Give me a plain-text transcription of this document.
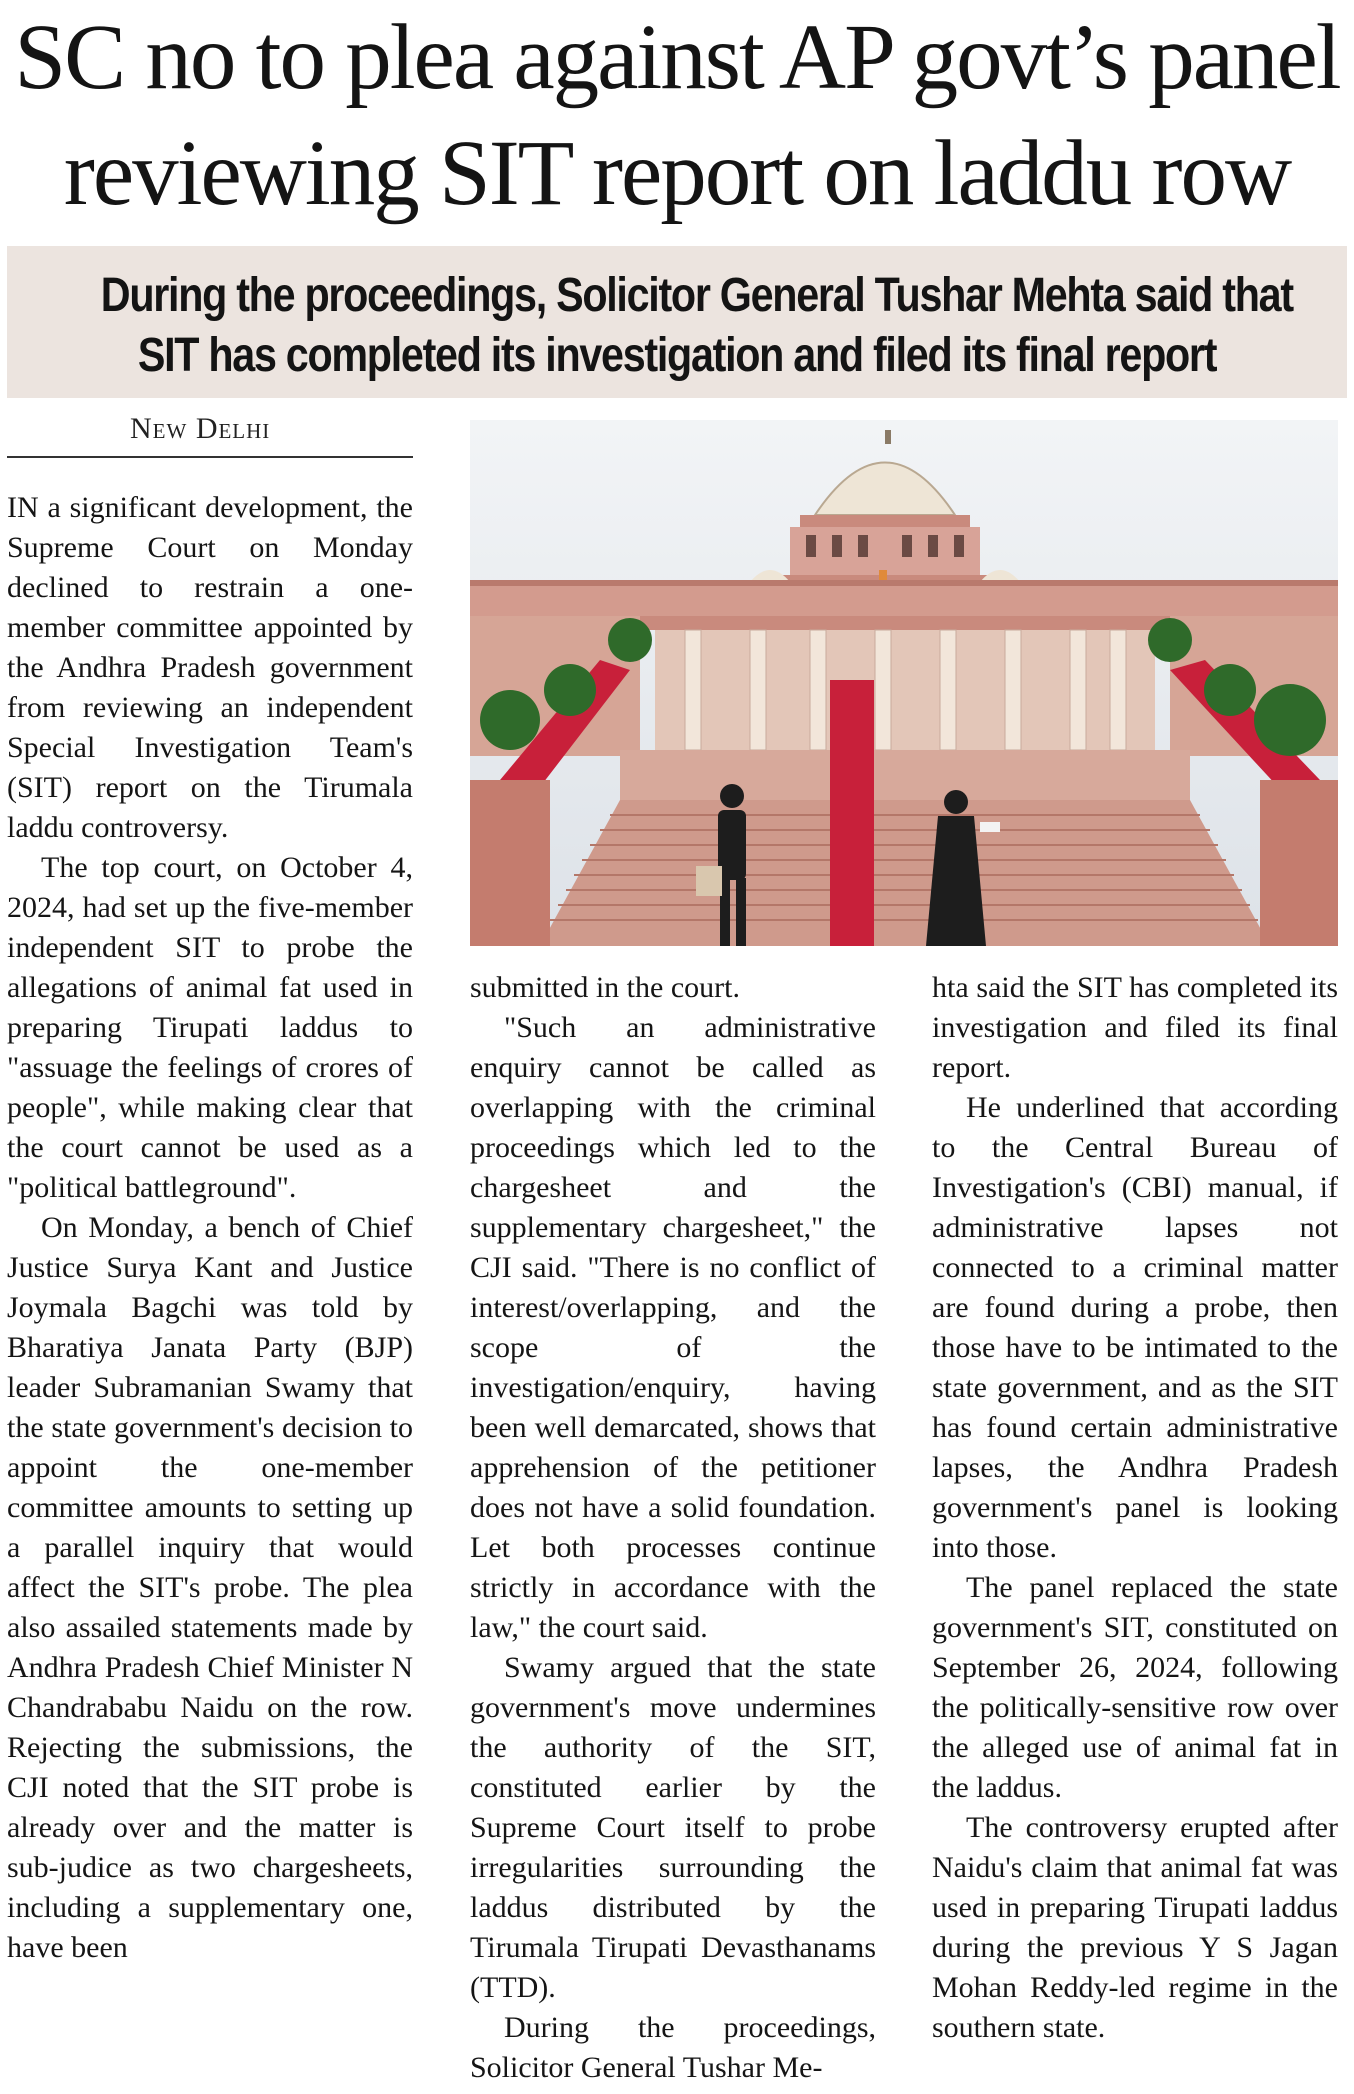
SC no to plea against AP govt’s panel
reviewing SIT report on laddu row
During the proceedings, Solicitor General Tushar Mehta said that
SIT has completed its investigation and filed its final report
New Delhi

IN a significant development, the Supreme Court on Monday declined to restrain a one-member committee appointed by the Andhra Pradesh government from reviewing an independent Special Investigation Team's (SIT) report on the Tirumala laddu controversy.

The top court, on October 4, 2024, had set up the five-member independent SIT to probe the allegations of animal fat used in preparing Tirupati laddus to "assuage the feelings of crores of people", while making clear that the court cannot be used as a "political battleground".

On Monday, a bench of Chief Justice Surya Kant and Justice Joymala Bagchi was told by Bharatiya Janata Party (BJP) leader Subramanian Swamy that the state government's decision to appoint the one-member committee amounts to setting up a parallel inquiry that would affect the SIT's probe. The plea also assailed statements made by Andhra Pradesh Chief Minister N Chandrababu Naidu on the row. Rejecting the submissions, the CJI noted that the SIT probe is already over and the matter is sub-judice as two chargesheets, including a supplementary one, have been

submitted in the court.

"Such an administrative enquiry cannot be called as overlapping with the criminal proceedings which led to the chargesheet and the supplementary chargesheet," the CJI said. "There is no conflict of interest/overlapping, and the scope of the investigation/enquiry, having been well demarcated, shows that apprehension of the petitioner does not have a solid foundation. Let both processes continue strictly in accordance with the law," the court said.

Swamy argued that the state government's move undermines the authority of the SIT, constituted earlier by the Supreme Court itself to probe irregularities surrounding the laddus distributed by the Tirumala Tirupati Devasthanams (TTD).

During the proceedings, Solicitor General Tushar Me-

hta said the SIT has completed its investigation and filed its final report.

He underlined that according to the Central Bureau of Investigation's (CBI) manual, if administrative lapses not connected to a criminal matter are found during a probe, then those have to be intimated to the state government, and as the SIT has found certain administrative lapses, the Andhra Pradesh government's panel is looking into those.

The panel replaced the state government's SIT, constituted on September 26, 2024, following the politically-sensitive row over the alleged use of animal fat in the laddus.

The controversy erupted after Naidu's claim that animal fat was used in preparing Tirupati laddus during the previous Y S Jagan Mohan Reddy-led regime in the southern state.
